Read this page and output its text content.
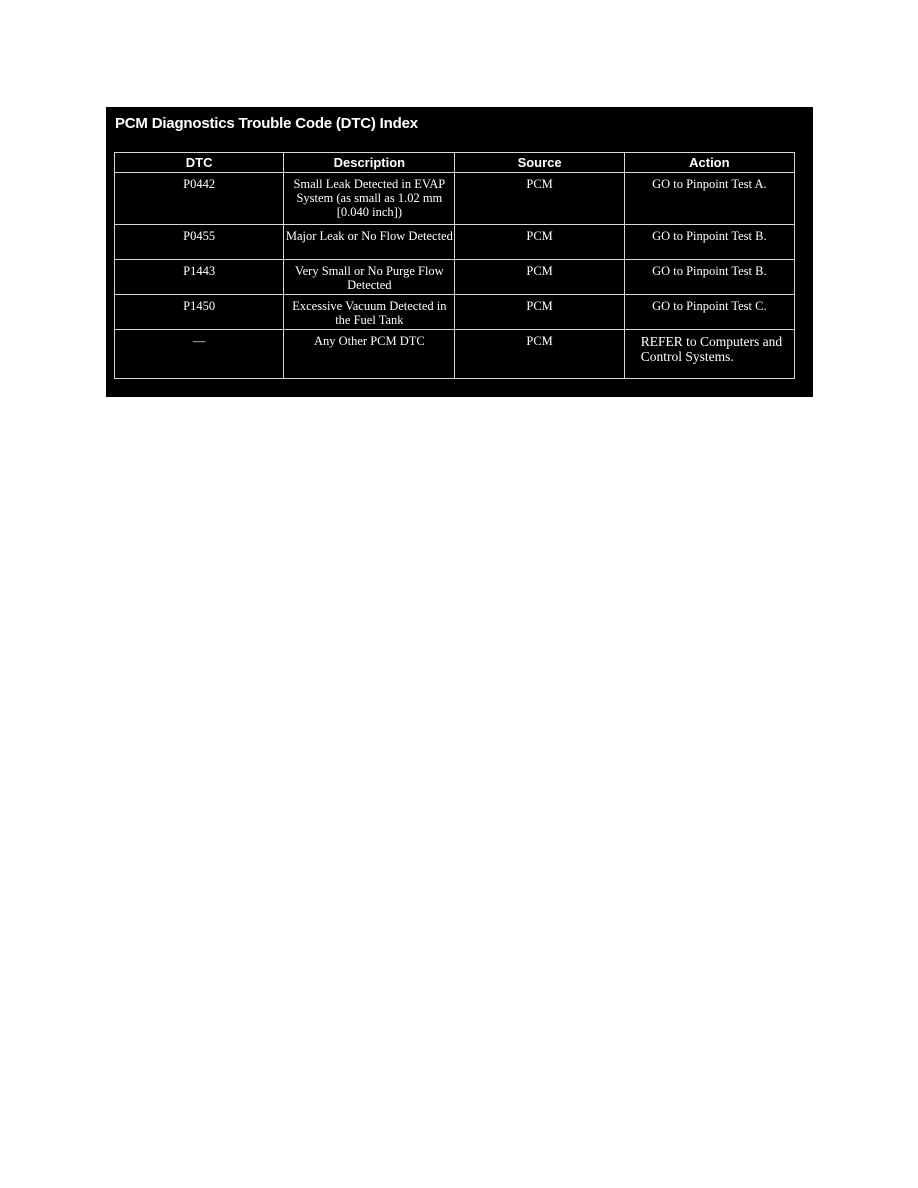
PCM Diagnostics Trouble Code (DTC) Index
DTC	Description	Source	Action

P0442	Small Leak Detected in EVAP System (as small as 1.02 mm [0.040 inch])	PCM	GO to Pinpoint Test A.

P0455	Major Leak or No Flow Detected	PCM	GO to Pinpoint Test B.

P1443	Very Small or No Purge Flow Detected	PCM	GO to Pinpoint Test B.

P1450	Excessive Vacuum Detected in the Fuel Tank	PCM	GO to Pinpoint Test C.

—	Any Other PCM DTC	PCM	REFER to Computers and Control Systems.
